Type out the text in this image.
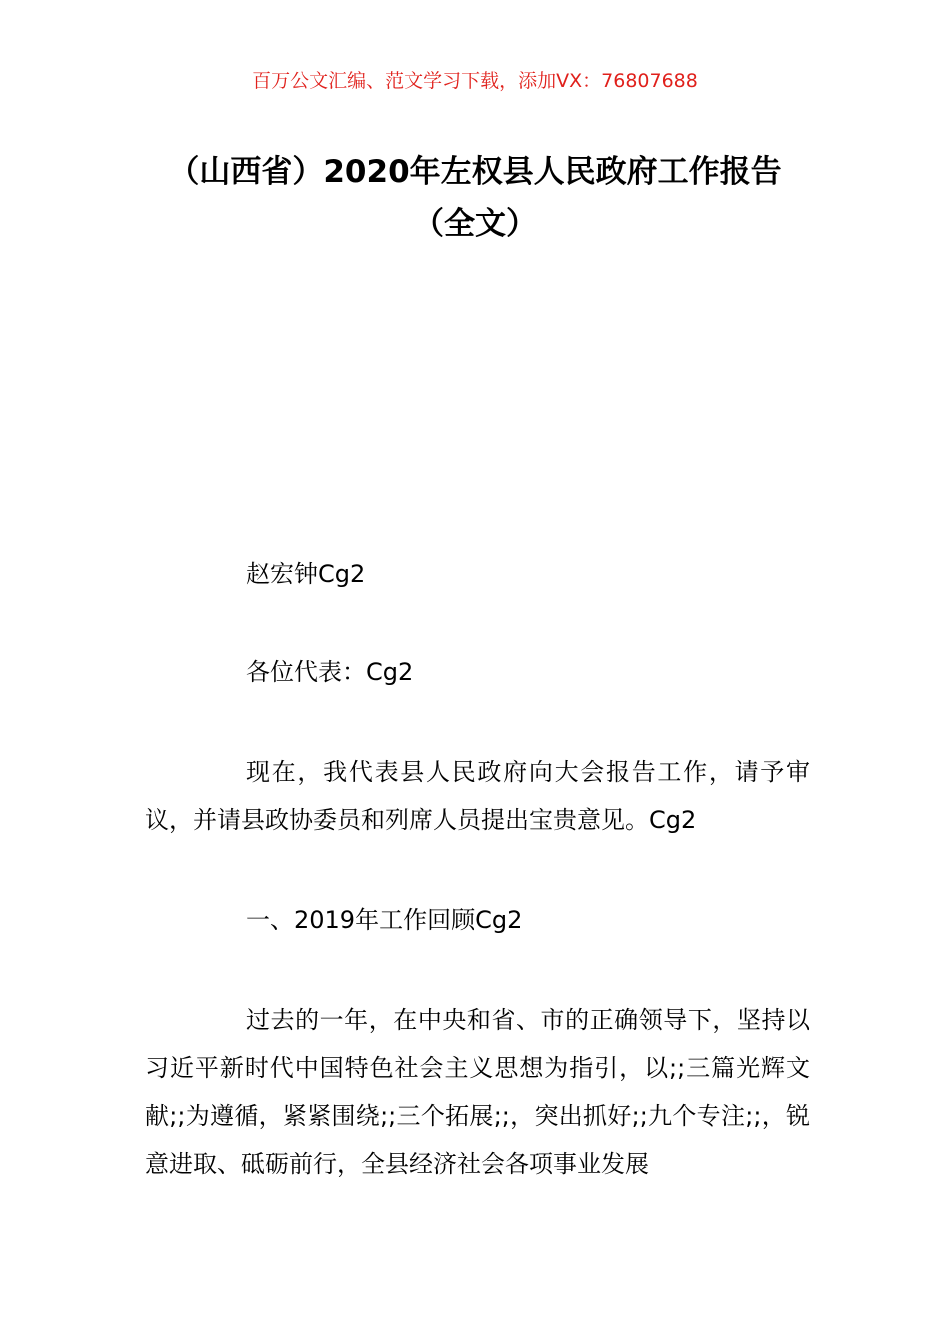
百万公文汇编、范文学习下载，添加VX：76807688
（山西省）2020年左权县人民政府工作报告（全文）

赵宏钟Cg2

各位代表：Cg2

现在，我代表县人民政府向大会报告工作，请予审议，并请县政协委员和列席人员提出宝贵意见。Cg2

一、2019年工作回顾Cg2

过去的一年，在中央和省、市的正确领导下，坚持以习近平新时代中国特色社会主义思想为指引，以;;三篇光辉文献;;为遵循，紧紧围绕;;三个拓展;;，突出抓好;;九个专注;;，锐意进取、砥砺前行，全县经济社会各项事业发展
